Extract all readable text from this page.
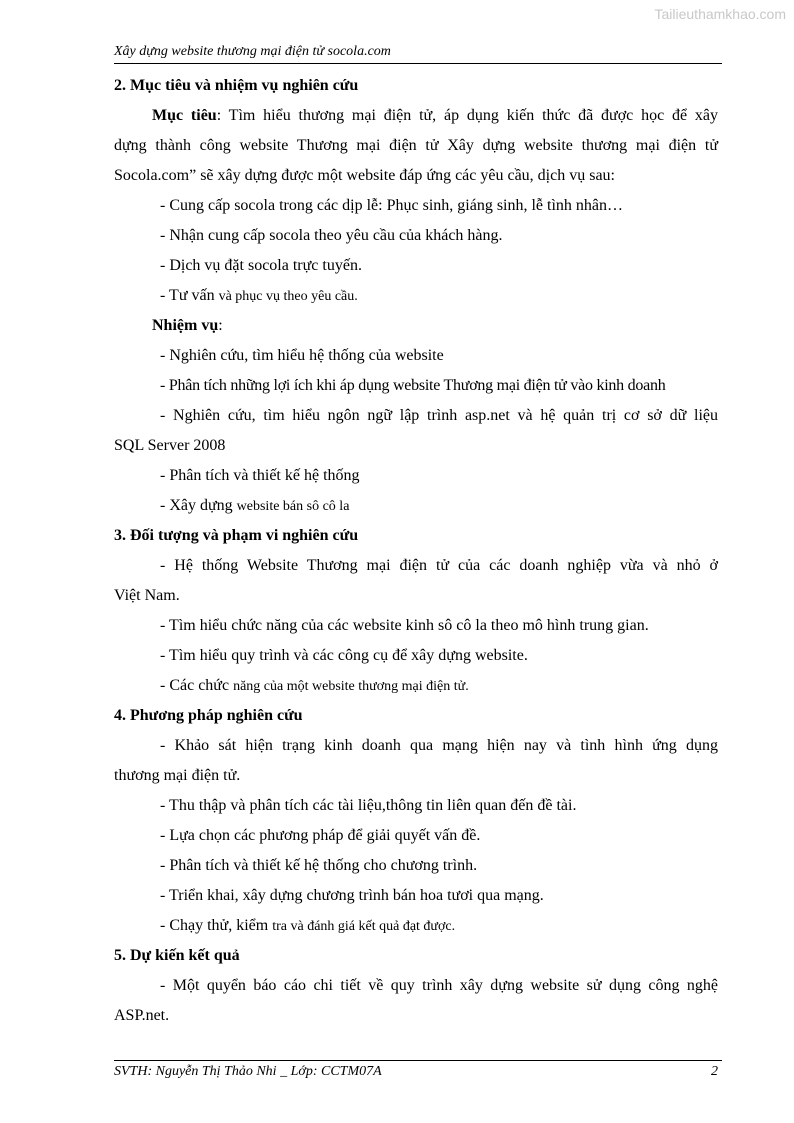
Tailieuthamkhao.com
Xây dựng website thương mại điện tử socola.com
2. Mục tiêu và nhiệm vụ nghiên cứu
Mục tiêu: Tìm hiểu thương mại điện tử, áp dụng kiến thức đã được học để xây
dựng thành công website Thương mại điện tử Xây dựng website thương mại điện tử
Socola.com” sẽ xây dựng được một website đáp ứng các yêu cầu, dịch vụ sau:
- Cung cấp socola trong các dịp lễ: Phục sinh, giáng sinh, lễ tình nhân…
- Nhận cung cấp socola theo yêu cầu của khách hàng.
- Dịch vụ đặt socola trực tuyến.
- Tư vấn và phục vụ theo yêu cầu.
Nhiệm vụ:
- Nghiên cứu, tìm hiểu hệ thống của website
- Phân tích những lợi ích khi áp dụng website Thương mại điện tử vào kinh doanh
- Nghiên cứu, tìm hiểu ngôn ngữ lập trình asp.net và hệ quản trị cơ sở dữ liệu
SQL Server 2008
- Phân tích và thiết kế hệ thống
- Xây dựng website bán sô cô la
3. Đối tượng và phạm vi nghiên cứu
- Hệ thống Website Thương mại điện tử của các doanh nghiệp vừa và nhỏ ở
Việt Nam.
- Tìm hiểu chức năng của các website kinh sô cô la theo mô hình trung gian.
- Tìm hiểu quy trình và các công cụ để xây dựng website.
- Các chức năng của một website thương mại điện tử.
4. Phương pháp nghiên cứu
- Khảo sát hiện trạng kinh doanh qua mạng hiện nay và tình hình ứng dụng
thương mại điện tử.
- Thu thập và phân tích các tài liệu,thông tin liên quan đến đề tài.
- Lựa chọn các phương pháp để giải quyết vấn đề.
- Phân tích và thiết kế hệ thống cho chương trình.
- Triển khai, xây dựng chương trình bán hoa tươi qua mạng.
- Chạy thử, kiểm tra và đánh giá kết quả đạt được.
5. Dự kiến kết quả
- Một quyển báo cáo chi tiết về quy trình xây dựng website sử dụng công nghệ
ASP.net.
SVTH: Nguyễn Thị Thảo Nhi _ Lớp: CCTM07A	2
